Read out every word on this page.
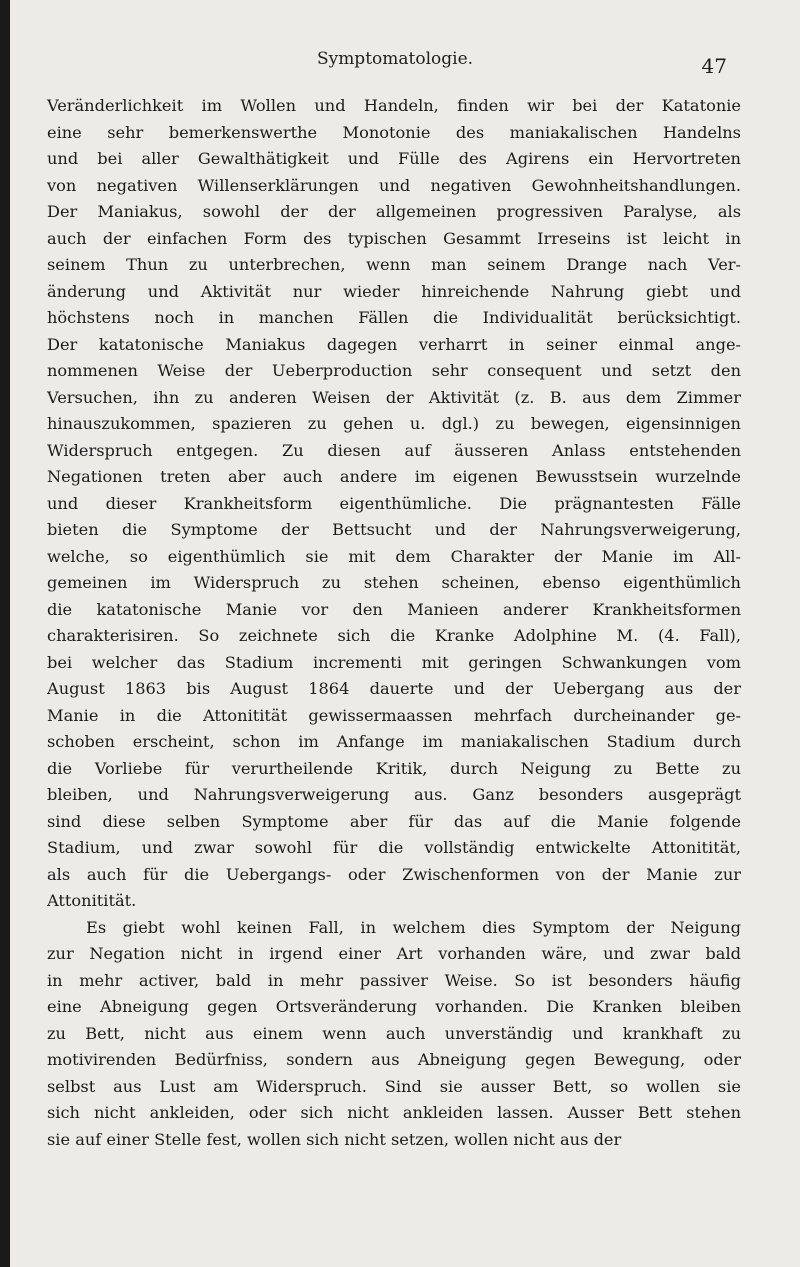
Symptomatologie.	47
Veränderlichkeit im Wollen und Handeln, finden wir bei der Katatonie
eine sehr bemerkenswerthe Monotonie des maniakalischen Handelns
und bei aller Gewalthätigkeit und Fülle des Agirens ein Hervortreten
von negativen Willenserklärungen und negativen Gewohnheitshandlungen.
Der Maniakus, sowohl der der allgemeinen progressiven Paralyse, als
auch der einfachen Form des typischen Gesammt Irreseins ist leicht in
seinem Thun zu unterbrechen, wenn man seinem Drange nach Ver-
änderung und Aktivität nur wieder hinreichende Nahrung giebt und
höchstens noch in manchen Fällen die Individualität berücksichtigt.
Der katatonische Maniakus dagegen verharrt in seiner einmal ange-
nommenen Weise der Ueberproduction sehr consequent und setzt den
Versuchen, ihn zu anderen Weisen der Aktivität (z. B. aus dem Zimmer
hinauszukommen, spazieren zu gehen u. dgl.) zu bewegen, eigensinnigen
Widerspruch entgegen. Zu diesen auf äusseren Anlass entstehenden
Negationen treten aber auch andere im eigenen Bewusstsein wurzelnde
und dieser Krankheitsform eigenthümliche. Die prägnantesten Fälle
bieten die Symptome der Bettsucht und der Nahrungsverweigerung,
welche, so eigenthümlich sie mit dem Charakter der Manie im All-
gemeinen im Widerspruch zu stehen scheinen, ebenso eigenthümlich
die katatonische Manie vor den Manieen anderer Krankheitsformen
charakterisiren. So zeichnete sich die Kranke Adolphine M. (4. Fall),
bei welcher das Stadium incrementi mit geringen Schwankungen vom
August 1863 bis August 1864 dauerte und der Uebergang aus der
Manie in die Attonitität gewissermaassen mehrfach durcheinander ge-
schoben erscheint, schon im Anfange im maniakalischen Stadium durch
die Vorliebe für verurtheilende Kritik, durch Neigung zu Bette zu
bleiben, und Nahrungsverweigerung aus. Ganz besonders ausgeprägt
sind diese selben Symptome aber für das auf die Manie folgende
Stadium, und zwar sowohl für die vollständig entwickelte Attonitität,
als auch für die Uebergangs- oder Zwischenformen von der Manie zur
Attonitität.
Es giebt wohl keinen Fall, in welchem dies Symptom der Neigung
zur Negation nicht in irgend einer Art vorhanden wäre, und zwar bald
in mehr activer, bald in mehr passiver Weise. So ist besonders häufig
eine Abneigung gegen Ortsveränderung vorhanden. Die Kranken bleiben
zu Bett, nicht aus einem wenn auch unverständig und krankhaft zu
motivirenden Bedürfniss, sondern aus Abneigung gegen Bewegung, oder
selbst aus Lust am Widerspruch. Sind sie ausser Bett, so wollen sie
sich nicht ankleiden, oder sich nicht ankleiden lassen. Ausser Bett stehen
sie auf einer Stelle fest, wollen sich nicht setzen, wollen nicht aus der
